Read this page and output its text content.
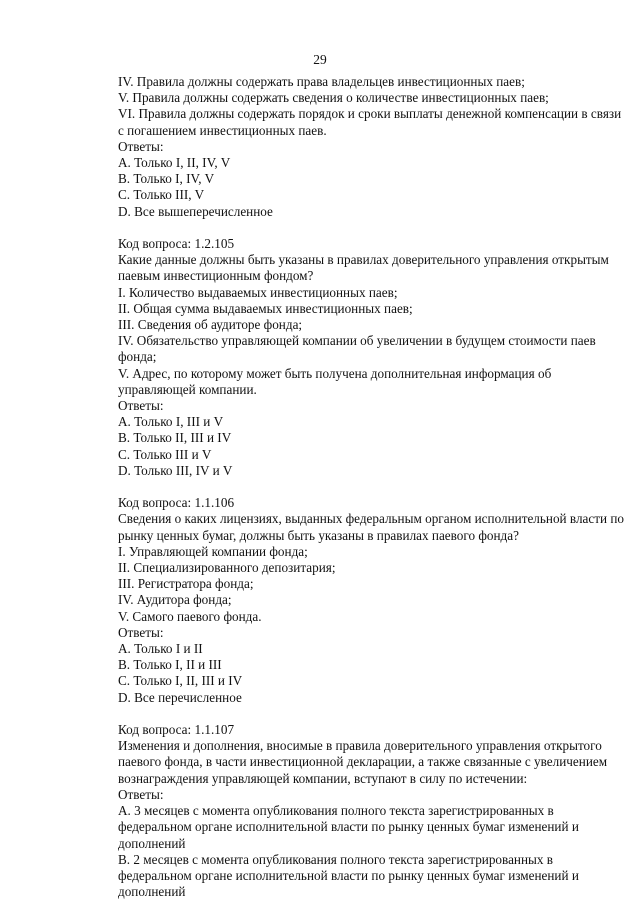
29
IV. Правила должны содержать права владельцев инвестиционных паев;
V. Правила должны содержать сведения о количестве инвестиционных паев;
VI. Правила должны содержать порядок и сроки выплаты денежной компенсации в связи
с погашением инвестиционных паев.
Ответы:
A. Только I, II, IV, V
B. Только I, IV, V
C. Только III, V
D. Все вышеперечисленное
Код вопроса: 1.2.105
Какие данные должны быть указаны в правилах доверительного управления открытым
паевым инвестиционным фондом?
I. Количество выдаваемых инвестиционных паев;
II. Общая сумма выдаваемых инвестиционных паев;
III. Сведения об аудиторе фонда;
IV. Обязательство управляющей компании об увеличении в будущем стоимости паев
фонда;
V. Адрес, по которому может быть получена дополнительная информация об
управляющей компании.
Ответы:
A. Только I, III и V
B. Только II, III и IV
C. Только III и V
D. Только III, IV и V
Код вопроса: 1.1.106
Сведения о каких лицензиях, выданных федеральным органом исполнительной власти по
рынку ценных бумаг, должны быть указаны в правилах паевого фонда?
I. Управляющей компании фонда;
II. Специализированного депозитария;
III. Регистратора фонда;
IV. Аудитора фонда;
V. Самого паевого фонда.
Ответы:
A. Только I и II
B. Только I, II и III
C. Только I, II, III и IV
D. Все перечисленное
Код вопроса: 1.1.107
Изменения и дополнения, вносимые в правила доверительного управления открытого
паевого фонда, в части инвестиционной декларации, а также связанные с увеличением
вознаграждения управляющей компании, вступают в силу по истечении:
Ответы:
A. 3 месяцев с момента опубликования полного текста зарегистрированных в
федеральном органе исполнительной власти по рынку ценных бумаг изменений и
дополнений
B. 2 месяцев с момента опубликования полного текста зарегистрированных в
федеральном органе исполнительной власти по рынку ценных бумаг изменений и
дополнений
